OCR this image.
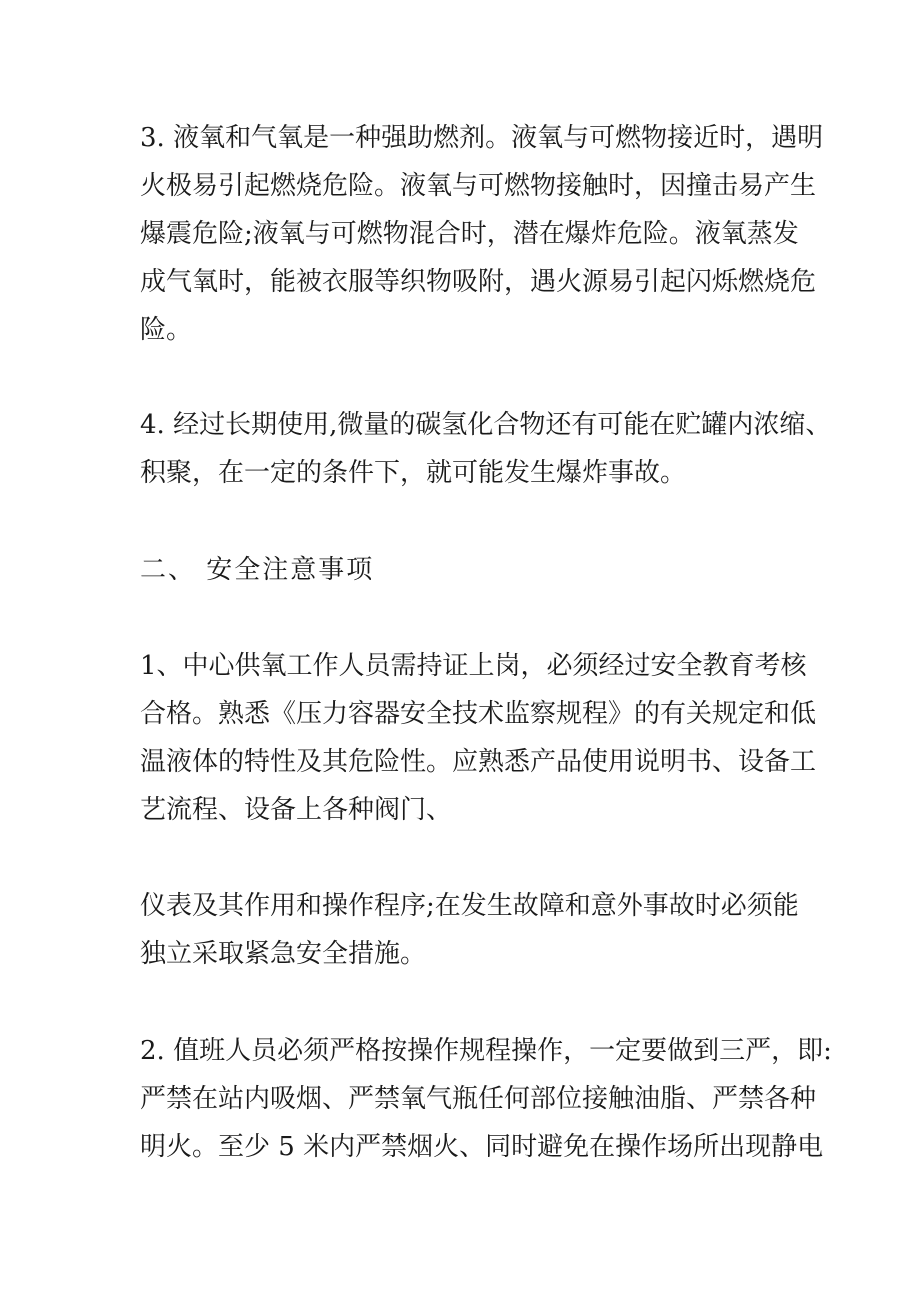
3. 液氧和气氧是一种强助燃剂。液氧与可燃物接近时，遇明
火极易引起燃烧危险。液氧与可燃物接触时，因撞击易产生
爆震危险;液氧与可燃物混合时，潜在爆炸危险。液氧蒸发
成气氧时，能被衣服等织物吸附，遇火源易引起闪烁燃烧危
险。
4. 经过长期使用,微量的碳氢化合物还有可能在贮罐内浓缩、
积聚，在一定的条件下，就可能发生爆炸事故。
二、 安全注意事项
1、中心供氧工作人员需持证上岗，必须经过安全教育考核
合格。熟悉《压力容器安全技术监察规程》的有关规定和低
温液体的特性及其危险性。应熟悉产品使用说明书、设备工
艺流程、设备上各种阀门、
仪表及其作用和操作程序;在发生故障和意外事故时必须能
独立采取紧急安全措施。
2. 值班人员必须严格按操作规程操作，一定要做到三严，即:
严禁在站内吸烟、严禁氧气瓶任何部位接触油脂、严禁各种
明火。至少 5 米内严禁烟火、同时避免在操作场所出现静电
